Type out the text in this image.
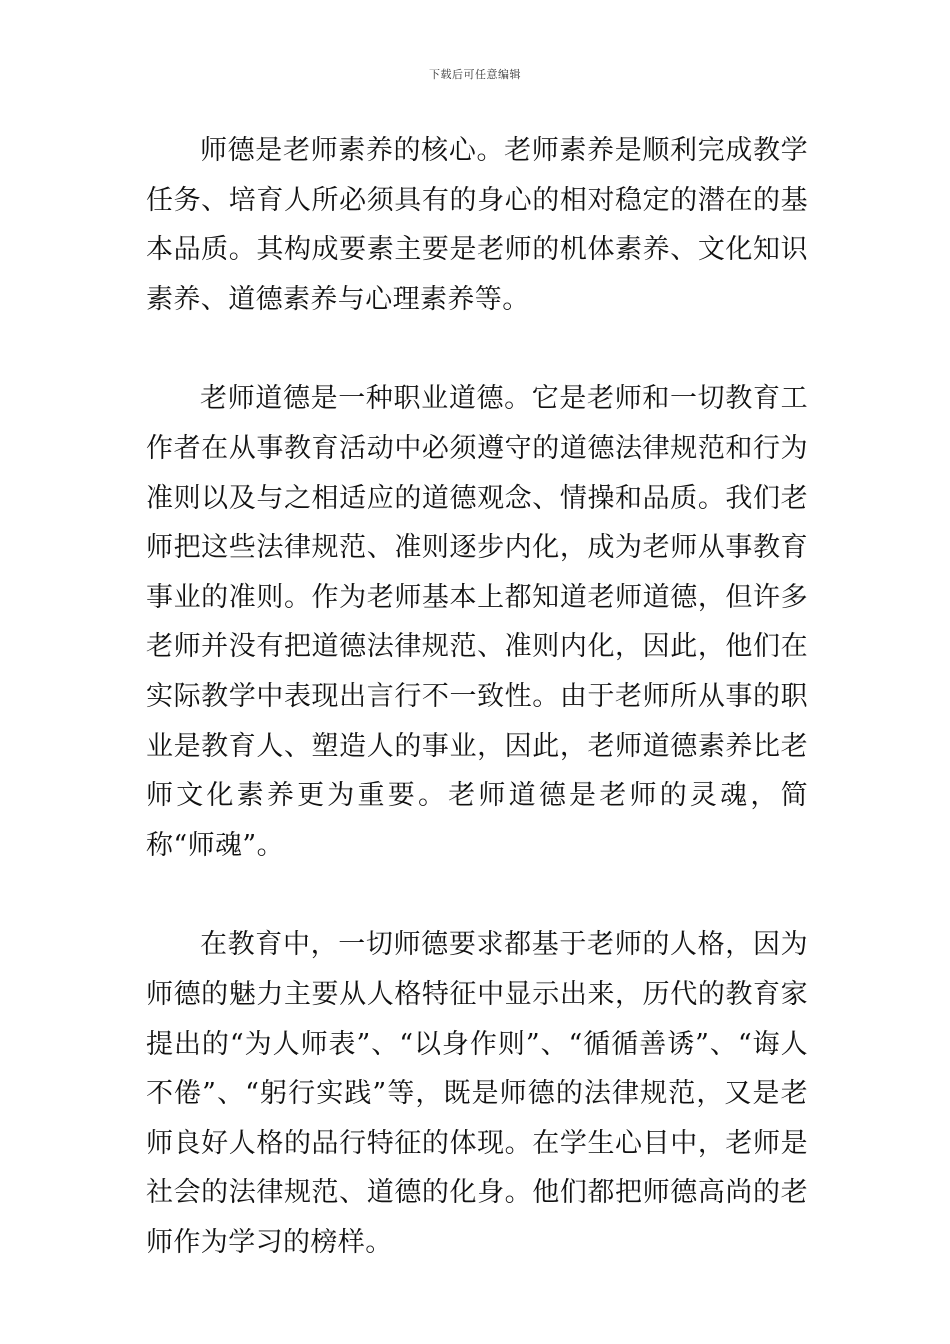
下载后可任意编辑

师德是老师素养的核心。老师素养是顺利完成教学任务、培育人所必须具有的身心的相对稳定的潜在的基本品质。其构成要素主要是老师的机体素养、文化知识素养、道德素养与心理素养等。

老师道德是一种职业道德。它是老师和一切教育工作者在从事教育活动中必须遵守的道德法律规范和行为准则以及与之相适应的道德观念、情操和品质。我们老师把这些法律规范、准则逐步内化，成为老师从事教育事业的准则。作为老师基本上都知道老师道德，但许多老师并没有把道德法律规范、准则内化，因此，他们在实际教学中表现出言行不一致性。由于老师所从事的职业是教育人、塑造人的事业，因此，老师道德素养比老师文化素养更为重要。老师道德是老师的灵魂，简称“师魂”。

在教育中，一切师德要求都基于老师的人格，因为师德的魅力主要从人格特征中显示出来，历代的教育家提出的“为人师表”、“以身作则”、“循循善诱”、“诲人不倦”、“躬行实践”等，既是师德的法律规范，又是老师良好人格的品行特征的体现。在学生心目中，老师是社会的法律规范、道德的化身。他们都把师德高尚的老师作为学习的榜样。
